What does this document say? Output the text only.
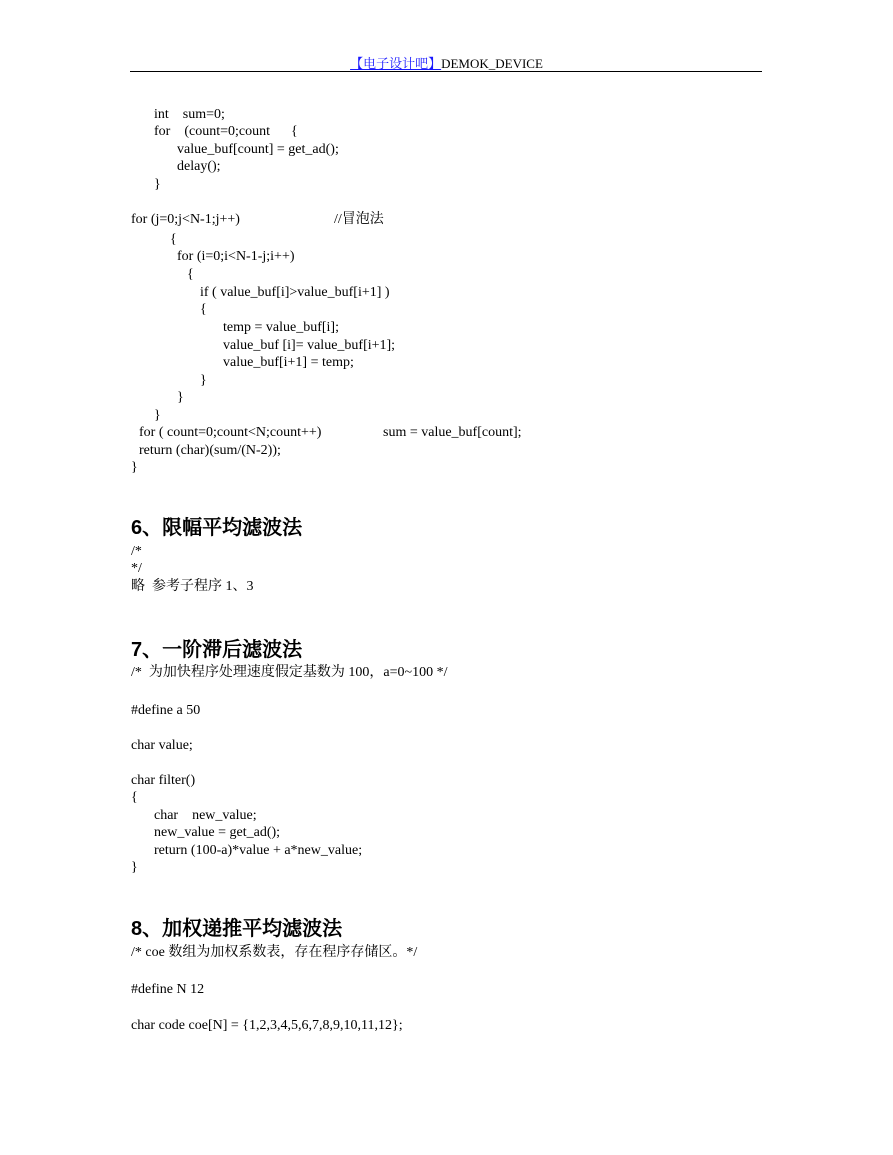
【电子设计吧】DEMOK_DEVICE
int    sum=0;
for    (count=0;count      {
value_buf[count] = get_ad();
delay();
}
for (j=0;j<N-1;j++)	//冒泡法
{
for (i=0;i<N-1-j;i++)
{
if ( value_buf[i]>value_buf[i+1] )
{
temp = value_buf[i];
value_buf [i]= value_buf[i+1];
value_buf[i+1] = temp;
}
}
}
for ( count=0;count<N;count++)	sum = value_buf[count];
return (char)(sum/(N-2));
}
6、限幅平均滤波法
/*
*/
略  参考子程序 1、3
7、一阶滞后滤波法
/*  为加快程序处理速度假定基数为 100，a=0~100 */
#define a 50
char value;
char filter()
{
char    new_value;
new_value = get_ad();
return (100-a)*value + a*new_value;
}
8、加权递推平均滤波法
/* coe 数组为加权系数表，存在程序存储区。*/
#define N 12
char code coe[N] = {1,2,3,4,5,6,7,8,9,10,11,12};
